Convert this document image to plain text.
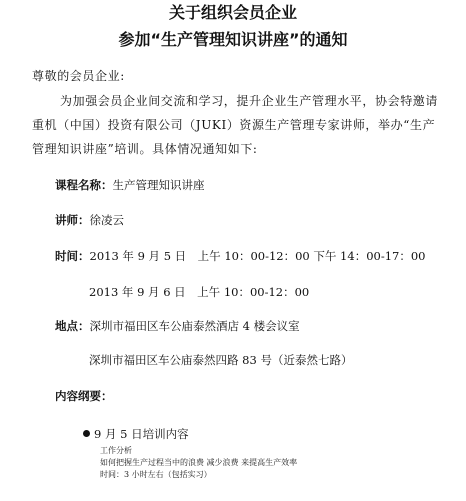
关于组织会员企业
参加“生产管理知识讲座”的通知
尊敬的会员企业:
为加强会员企业间交流和学习，提升企业生产管理水平，协会特邀请
重机（中国）投资有限公司（JUKI）资源生产管理专家讲师，举办“生产
管理知识讲座”培训。具体情况通知如下:
课程名称：生产管理知识讲座
讲师：徐凌云
时间：2013 年 9 月 5 日　上午 10：00-12：00 下午 14：00-17：00
2013 年 9 月 6 日　上午 10：00-12：00
地点：深圳市福田区车公庙泰然酒店 4 楼会议室
深圳市福田区车公庙泰然四路 83 号（近泰然七路）
内容纲要：
9 月 5 日培训内容
工作分析
如何把握生产过程当中的浪费 减少浪费 来提高生产效率
时间：3 小时左右（包括实习）
